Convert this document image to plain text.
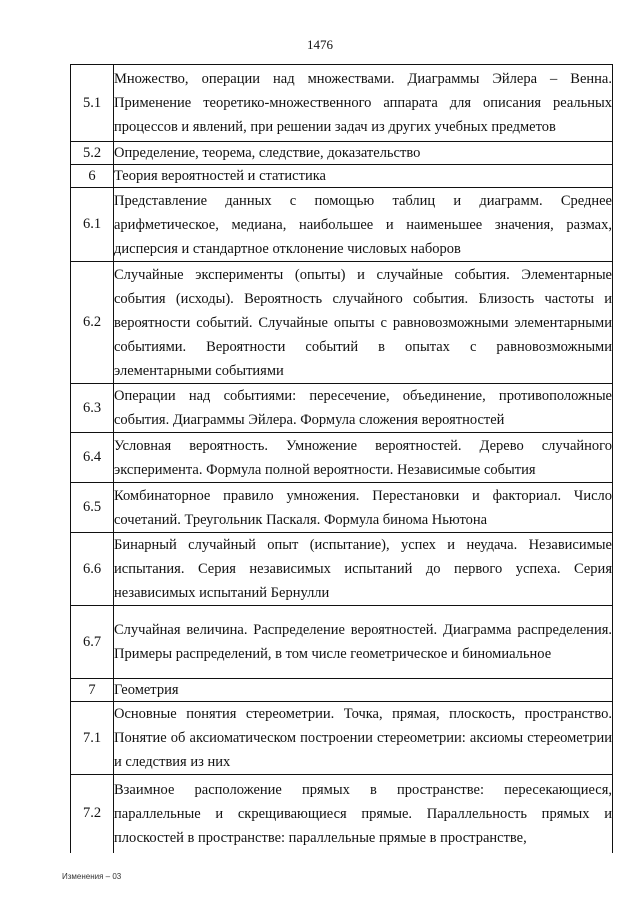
1476
5.1	Множество, операции над множествами. Диаграммы Эйлера – Венна. Применение теоретико-множественного аппарата для описания реальных процессов и явлений, при решении задач из других учебных предметов
5.2	Определение, теорема, следствие, доказательство
6	Теория вероятностей и статистика
6.1	Представление данных с помощью таблиц и диаграмм. Среднее арифметическое, медиана, наибольшее и наименьшее значения, размах, дисперсия и стандартное отклонение числовых наборов
6.2	Случайные эксперименты (опыты) и случайные события. Элементарные события (исходы). Вероятность случайного события. Близость частоты и вероятности событий. Случайные опыты с равновозможными элементарными событиями. Вероятности событий в опытах с равновозможными элементарными событиями
6.3	Операции над событиями: пересечение, объединение, противоположные события. Диаграммы Эйлера. Формула сложения вероятностей
6.4	Условная вероятность. Умножение вероятностей. Дерево случайного эксперимента. Формула полной вероятности. Независимые события
6.5	Комбинаторное правило умножения. Перестановки и факториал. Число сочетаний. Треугольник Паскаля. Формула бинома Ньютона
6.6	Бинарный случайный опыт (испытание), успех и неудача. Независимые испытания. Серия независимых испытаний до первого успеха. Серия независимых испытаний Бернулли
6.7	Случайная величина. Распределение вероятностей. Диаграмма распределения. Примеры распределений, в том числе геометрическое и биномиальное
7	Геометрия
7.1	Основные понятия стереометрии. Точка, прямая, плоскость, пространство. Понятие об аксиоматическом построении стереометрии: аксиомы стереометрии и следствия из них
7.2	Взаимное расположение прямых в пространстве: пересекающиеся, параллельные и скрещивающиеся прямые. Параллельность прямых и плоскостей в пространстве: параллельные прямые в пространстве,
Изменения – 03
